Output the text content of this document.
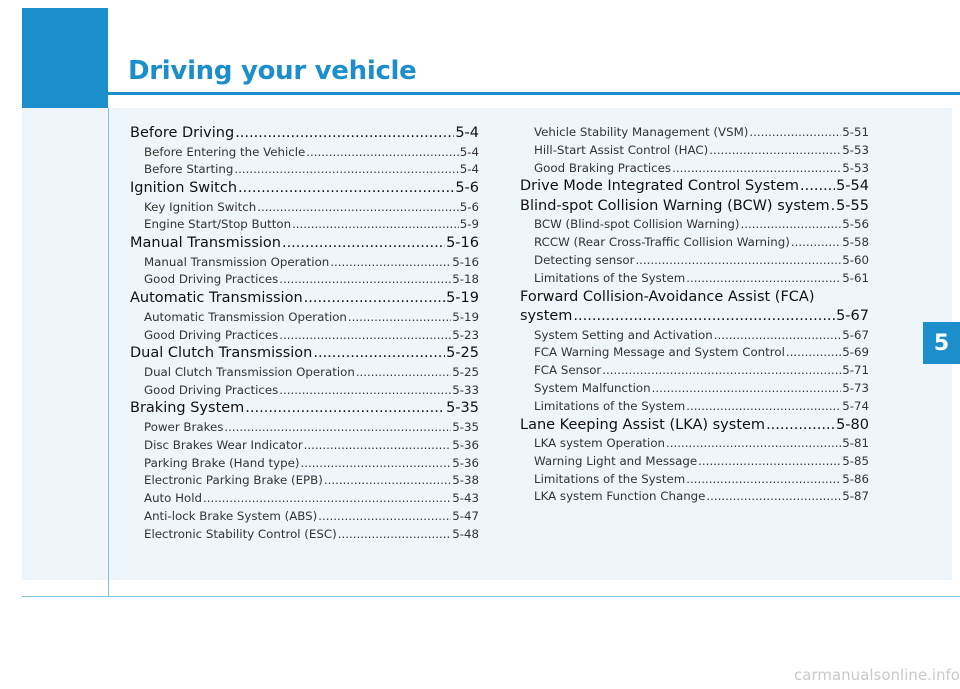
Driving your vehicle
5
Before Driving .....	5-4
Before Entering the Vehicle .....	5-4
Before Starting .....	5-4
Ignition Switch .....	5-6
Key Ignition Switch .....	5-6
Engine Start/Stop Button .....	5-9
Manual Transmission .....	5-16
Manual Transmission Operation .....	5-16
Good Driving Practices .....	5-18
Automatic Transmission .....	5-19
Automatic Transmission Operation .....	5-19
Good Driving Practices .....	5-23
Dual Clutch Transmission .....	5-25
Dual Clutch Transmission Operation .....	5-25
Good Driving Practices .....	5-33
Braking System .....	5-35
Power Brakes .....	5-35
Disc Brakes Wear Indicator .....	5-36
Parking Brake (Hand type) .....	5-36
Electronic Parking Brake (EPB) .....	5-38
Auto Hold .....	5-43
Anti-lock Brake System (ABS) .....	5-47
Electronic Stability Control (ESC) .....	5-48
Vehicle Stability Management (VSM) .....	5-51
Hill-Start Assist Control (HAC) .....	5-53
Good Braking Practices .....	5-53
Drive Mode Integrated Control System .....	5-54
Blind-spot Collision Warning (BCW) system ..... 5-55
BCW (Blind-spot Collision Warning) .....	5-56
RCCW (Rear Cross-Traffic Collision Warning) .....	5-58
Detecting sensor .....	5-60
Limitations of the System .....	5-61
Forward Collision-Avoidance Assist (FCA)
system .....	5-67
System Setting and Activation .....	5-67
FCA Warning Message and System Control .....	5-69
FCA Sensor .....	5-71
System Malfunction .....	5-73
Limitations of the System .....	5-74
Lane Keeping Assist (LKA) system .....	5-80
LKA system Operation .....	5-81
Warning Light and Message .....	5-85
Limitations of the System .....	5-86
LKA system Function Change .....	5-87
carmanualsonline.info
